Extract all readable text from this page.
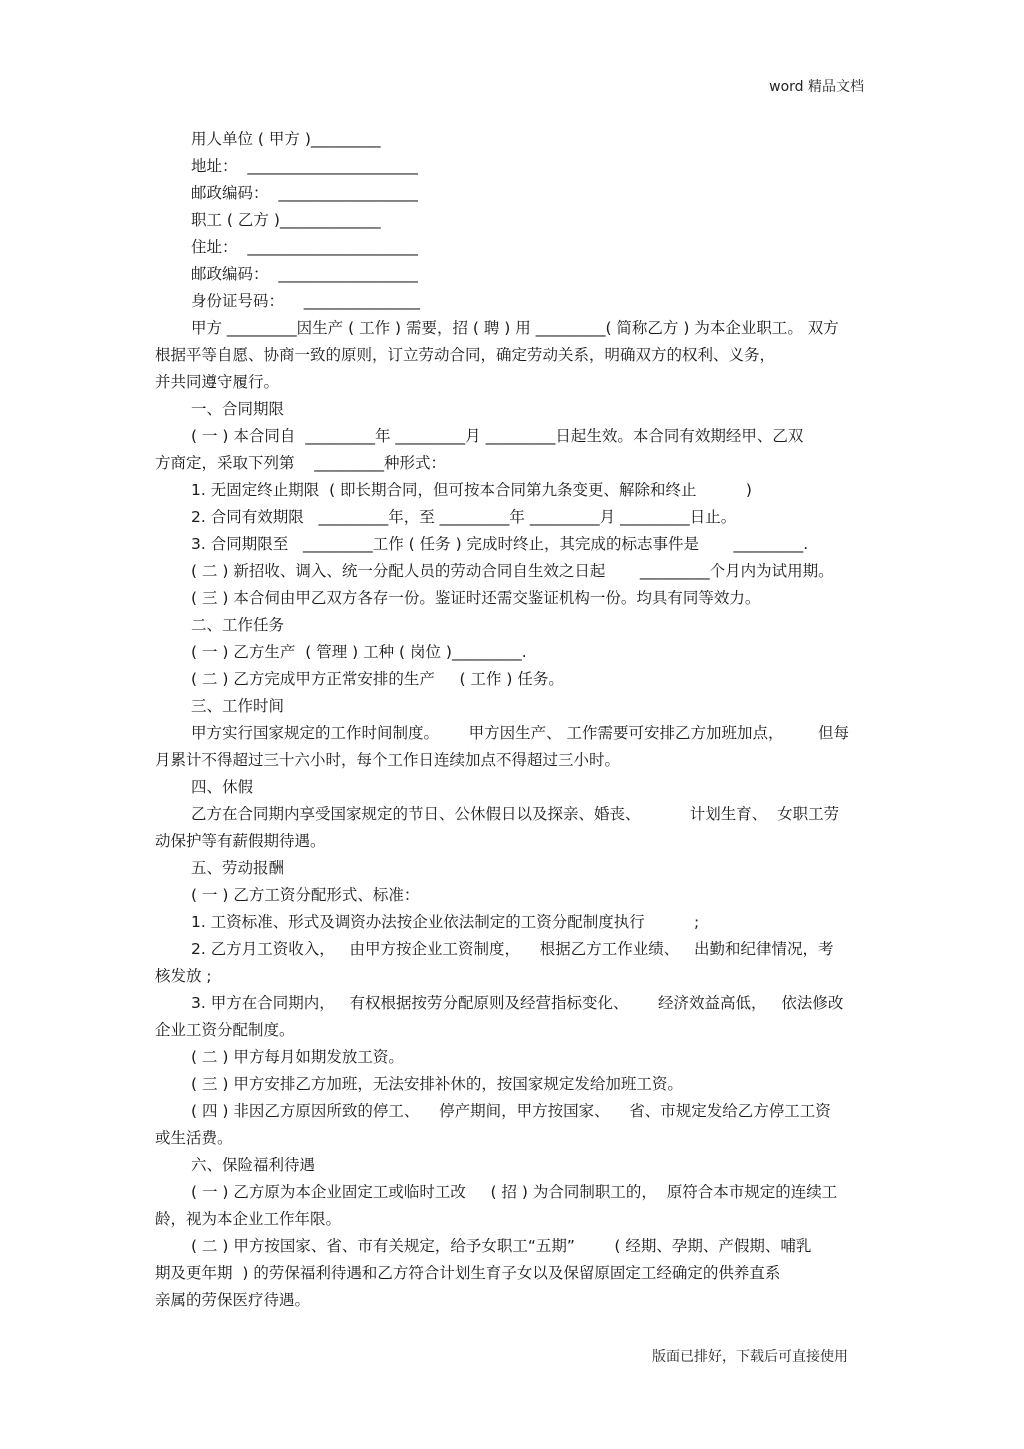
word 精品文档
用人单位 ( 甲方 )_________
地址：  ______________________
邮政编码：  __________________
职工 ( 乙方 )_____________
住址：  ______________________
邮政编码：  __________________
身份证号码：    _______________
甲方 _________因生产 ( 工作 ) 需要，招 ( 聘 ) 用 _________( 简称乙方 ) 为本企业职工。 双方
根据平等自愿、协商一致的原则，订立劳动合同，确定劳动关系，明确双方的权利、义务，
并共同遵守履行。
一、合同期限
( 一 ) 本合同自  _________年 _________月 _________日起生效。本合同有效期经甲、乙双
方商定，采取下列第    _________种形式：
1. 无固定终止期限  ( 即长期合同，但可按本合同第九条变更、解除和终止          )
2. 合同有效期限   _________年，至 _________年 _________月 _________日止。
3. 合同期限至   _________工作 ( 任务 ) 完成时终止，其完成的标志事件是       _________.
( 二 ) 新招收、调入、统一分配人员的劳动合同自生效之日起       _________个月内为试用期。
( 三 ) 本合伺由甲乙双方各存一份。鉴证时还需交鉴证机构一份。均具有同等效力。
二、工作任务
( 一 ) 乙方生产  ( 管理 ) 工种 ( 岗位 )_________.
( 二 ) 乙方完成甲方正常安排的生产     ( 工作 ) 任务。
三、工作时间
甲方实行国家规定的工作时间制度。      甲方因生产、 工作需要可安排乙方加班加点，       但每
月累计不得超过三十六小时，每个工作日连续加点不得超过三小时。
四、休假
乙方在合同期内享受国家规定的节日、公休假日以及探亲、婚丧、          计划生育、  女职工劳
动保护等有薪假期待遇。
五、劳动报酬
( 一 ) 乙方工资分配形式、标准：
1. 工资标准、形式及调资办法按企业依法制定的工资分配制度执行          ;
2. 乙方月工资收入，   由甲方按企业工资制度，    根据乙方工作业绩、   出勤和纪律情况，考
核发放 ;
3. 甲方在合同期内，   有权根据按劳分配原则及经营指标变化、      经济效益高低，   依法修改
企业工资分配制度。
( 二 ) 甲方每月如期发放工资。
( 三 ) 甲方安排乙方加班，无法安排补休的，按国家规定发给加班工资。
( 四 ) 非因乙方原因所致的停工、    停产期间，甲方按国家、    省、市规定发给乙方停工工资
或生活费。
六、保险福利待遇
( 一 ) 乙方原为本企业固定工或临时工改     ( 招 ) 为合同制职工的，  原符合本市规定的连续工
龄，视为本企业工作年限。
( 二 ) 甲方按国家、省、市有关规定，给予女职工“五期”        ( 经期、孕期、产假期、哺乳
期及更年期  ) 的劳保福利待遇和乙方符合计划生育子女以及保留原固定工经确定的供养直系
亲属的劳保医疗待遇。
版面已排好，下载后可直接使用
